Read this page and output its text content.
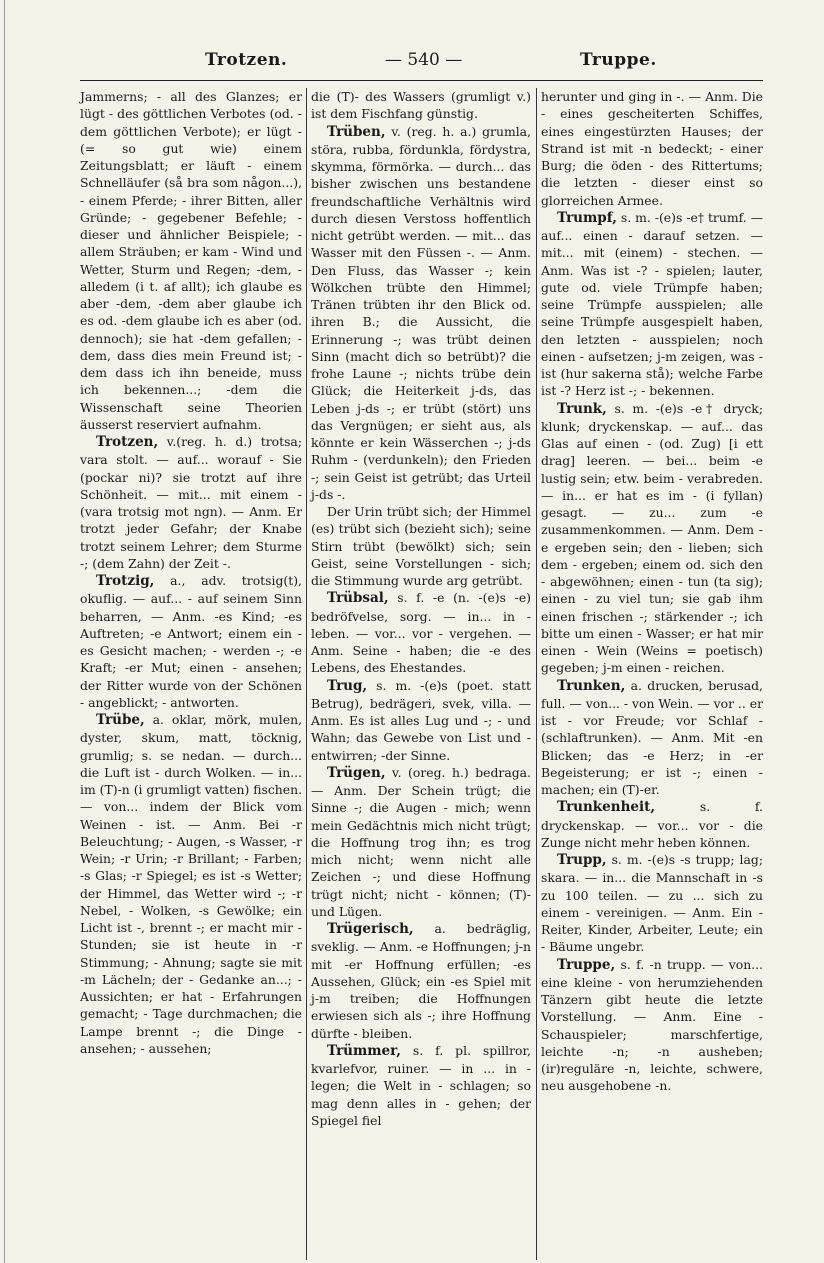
Trotzen.	— 540 —	Truppe.

Jammerns; - all des Glanzes; er lügt - des göttlichen Verbotes (od. - dem göttlichen Verbote); er lügt - (= so gut wie) einem Zeitungsblatt; er läuft - einem Schnelläufer (så bra som någon...), - einem Pferde; - ihrer Bitten, aller Gründe; - gegebener Befehle; - dieser und ähnlicher Beispiele; - allem Sträuben; er kam - Wind und Wetter, Sturm und Regen; -dem, - alledem (i t. af allt); ich glaube es aber -dem, -dem aber glaube ich es od. -dem glaube ich es aber (od. dennoch); sie hat -dem gefallen; -dem, dass dies mein Freund ist; -dem dass ich ihn beneide, muss ich bekennen...; -dem die Wissenschaft seine Theorien äusserst reserviert aufnahm.

Trotzen, v.(reg. h. d.) trotsa; vara stolt. — auf... worauf - Sie (pockar ni)? sie trotzt auf ihre Schönheit. — mit... mit einem - (vara trotsig mot ngn). — Anm. Er trotzt jeder Gefahr; der Knabe trotzt seinem Lehrer; dem Sturme -; (dem Zahn) der Zeit -.

Trotzig, a., adv. trotsig(t), okuflig. — auf... - auf seinem Sinn beharren, — Anm. -es Kind; -es Auftreten; -e Antwort; einem ein -es Gesicht machen; - werden -; -e Kraft; -er Mut; einen - ansehen; der Ritter wurde von der Schönen - angeblickt; - antworten.

Trübe, a. oklar, mörk, mulen, dyster, skum, matt, töcknig, grumlig; s. se nedan. — durch... die Luft ist - durch Wolken. — in... im (T)-n (i grumligt vatten) fischen. — von... indem der Blick vom Weinen - ist. — Anm. Bei -r Beleuchtung; - Augen, -s Wasser, -r Wein; -r Urin; -r Brillant; - Farben; -s Glas; -r Spiegel; es ist -s Wetter; der Himmel, das Wetter wird -; -r Nebel, - Wolken, -s Gewölke; ein Licht ist -, brennt -; er macht mir - Stunden; sie ist heute in -r Stimmung; - Ahnung; sagte sie mit -m Lächeln; der - Gedanke an...; - Aussichten; er hat - Erfahrungen gemacht; - Tage durchmachen; die Lampe brennt -; die Dinge - ansehen; - aussehen;

die (T)- des Wassers (grumligt v.) ist dem Fischfang günstig.

Trüben, v. (reg. h. a.) grumla, störa, rubba, fördunkla, fördystra, skymma, förmörka. — durch... das bisher zwischen uns bestandene freundschaftliche Verhältnis wird durch diesen Verstoss hoffentlich nicht getrübt werden. — mit... das Wasser mit den Füssen -. — Anm. Den Fluss, das Wasser -; kein Wölkchen trübte den Himmel; Tränen trübten ihr den Blick od. ihren B.; die Aussicht, die Erinnerung -; was trübt deinen Sinn (macht dich so betrübt)? die frohe Laune -; nichts trübe dein Glück; die Heiterkeit j-ds, das Leben j-ds -; er trübt (stört) uns das Vergnügen; er sieht aus, als könnte er kein Wässerchen -; j-ds Ruhm - (verdunkeln); den Frieden -; sein Geist ist getrübt; das Urteil j-ds -.

Der Urin trübt sich; der Himmel (es) trübt sich (bezieht sich); seine Stirn trübt (bewölkt) sich; sein Geist, seine Vorstellungen - sich; die Stimmung wurde arg getrübt.

Trübsal, s. f. -e (n. -(e)s -e) bedröfvelse, sorg. — in... in - leben. — vor... vor - vergehen. — Anm. Seine - haben; die -e des Lebens, des Ehestandes.

Trug, s. m. -(e)s (poet. statt Betrug), bedrägeri, svek, villa. — Anm. Es ist alles Lug und -; - und Wahn; das Gewebe von List und - entwirren; -der Sinne.

Trügen, v. (oreg. h.) bedraga. — Anm. Der Schein trügt; die Sinne -; die Augen - mich; wenn mein Gedächtnis mich nicht trügt; die Hoffnung trog ihn; es trog mich nicht; wenn nicht alle Zeichen -; und diese Hoffnung trügt nicht; nicht - können; (T)- und Lügen.

Trügerisch, a. bedräglig, sveklig. — Anm. -e Hoffnungen; j-n mit -er Hoffnung erfüllen; -es Aussehen, Glück; ein -es Spiel mit j-m treiben; die Hoffnungen erwiesen sich als -; ihre Hoffnung dürfte - bleiben.

Trümmer, s. f. pl. spillror, kvarlefvor, ruiner. — in ... in - legen; die Welt in - schlagen; so mag denn alles in - gehen; der Spiegel fiel

herunter und ging in -. — Anm. Die - eines gescheiterten Schiffes, eines eingestürzten Hauses; der Strand ist mit -n bedeckt; - einer Burg; die öden - des Rittertums; die letzten - dieser einst so glorreichen Armee.

Trumpf, s. m. -(e)s -e† trumf. — auf... einen - darauf setzen. — mit... mit (einem) - stechen. — Anm. Was ist -? - spielen; lauter, gute od. viele Trümpfe haben; seine Trümpfe ausspielen; alle seine Trümpfe ausgespielt haben, den letzten - ausspielen; noch einen - aufsetzen; j-m zeigen, was - ist (hur sakerna stå); welche Farbe ist -? Herz ist -; - bekennen.

Trunk, s. m. -(e)s -e† dryck; klunk; dryckenskap. — auf... das Glas auf einen - (od. Zug) [i ett drag] leeren. — bei... beim -e lustig sein; etw. beim - verabreden. — in... er hat es im - (i fyllan) gesagt. — zu... zum -e zusammenkommen. — Anm. Dem -e ergeben sein; den - lieben; sich dem - ergeben; einem od. sich den - abgewöhnen; einen - tun (ta sig); einen - zu viel tun; sie gab ihm einen frischen -; stärkender -; ich bitte um einen - Wasser; er hat mir einen - Wein (Weins = poetisch) gegeben; j-m einen - reichen.

Trunken, a. drucken, berusad, full. — von... - von Wein. — vor .. er ist - vor Freude; vor Schlaf - (schlaftrunken). — Anm. Mit -en Blicken; das -e Herz; in -er Begeisterung; er ist -; einen - machen; ein (T)-er.

Trunkenheit, s. f. dryckenskap. — vor... vor - die Zunge nicht mehr heben können.

Trupp, s. m. -(e)s -s trupp; lag; skara. — in... die Mannschaft in -s zu 100 teilen. — zu ... sich zu einem - vereinigen. — Anm. Ein - Reiter, Kinder, Arbeiter, Leute; ein - Bäume ungebr.

Truppe, s. f. -n trupp. — von... eine kleine - von herumziehenden Tänzern gibt heute die letzte Vorstellung. — Anm. Eine - Schauspieler; marschfertige, leichte -n; -n ausheben; (ir)reguläre -n, leichte, schwere, neu ausgehobene -n.
